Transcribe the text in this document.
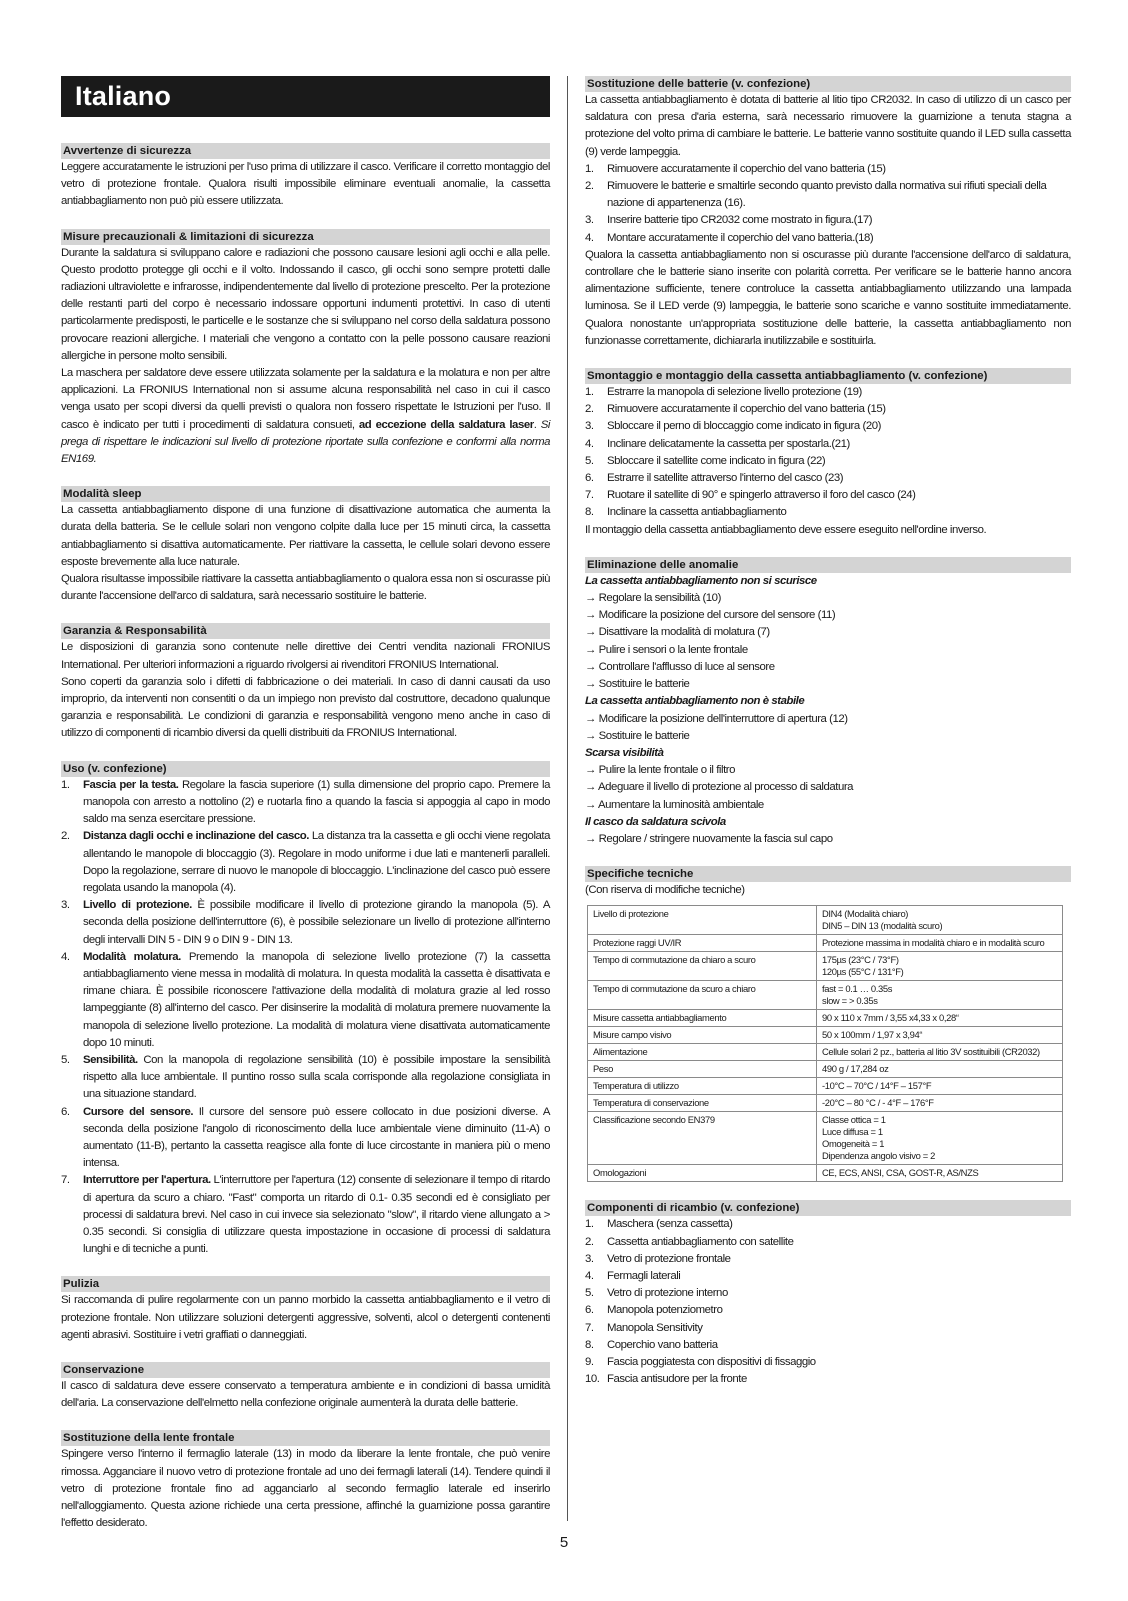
Italiano
Avvertenze di sicurezza

Leggere accuratamente le istruzioni per l'uso prima di utilizzare il casco. Verificare il corretto montaggio del vetro di protezione frontale. Qualora risulti impossibile eliminare eventuali anomalie, la cassetta antiabbagliamento non può più essere utilizzata.

Misure precauzionali & limitazioni di sicurezza

Durante la saldatura si sviluppano calore e radiazioni che possono causare lesioni agli occhi e alla pelle. Questo prodotto protegge gli occhi e il volto. Indossando il casco, gli occhi sono sempre protetti dalle radiazioni ultraviolette e infrarosse, indipendentemente dal livello di protezione prescelto. Per la protezione delle restanti parti del corpo è necessario indossare opportuni indumenti protettivi. In caso di utenti particolarmente predisposti, le particelle e le sostanze che si sviluppano nel corso della saldatura possono provocare reazioni allergiche. I materiali che vengono a contatto con la pelle possono causare reazioni allergiche in persone molto sensibili.

La maschera per saldatore deve essere utilizzata solamente per la saldatura e la molatura e non per altre applicazioni. La FRONIUS International non si assume alcuna responsabilità nel caso in cui il casco venga usato per scopi diversi da quelli previsti o qualora non fossero rispettate le Istruzioni per l'uso. Il casco è indicato per tutti i procedimenti di saldatura consueti, ad eccezione della saldatura laser. Si prega di rispettare le indicazioni sul livello di protezione riportate sulla confezione e conformi alla norma EN169.

Modalità sleep

La cassetta antiabbagliamento dispone di una funzione di disattivazione automatica che aumenta la durata della batteria. Se le cellule solari non vengono colpite dalla luce per 15 minuti circa, la cassetta antiabbagliamento si disattiva automaticamente. Per riattivare la cassetta, le cellule solari devono essere esposte brevemente alla luce naturale.

Qualora risultasse impossibile riattivare la cassetta antiabbagliamento o qualora essa non si oscurasse più durante l'accensione dell'arco di saldatura, sarà necessario sostituire le batterie.

Garanzia & Responsabilità

Le disposizioni di garanzia sono contenute nelle direttive dei Centri vendita nazionali FRONIUS International. Per ulteriori informazioni a riguardo rivolgersi ai rivenditori FRONIUS International.

Sono coperti da garanzia solo i difetti di fabbricazione o dei materiali. In caso di danni causati da uso improprio, da interventi non consentiti o da un impiego non previsto dal costruttore, decadono qualunque garanzia e responsabilità. Le condizioni di garanzia e responsabilità vengono meno anche in caso di utilizzo di componenti di ricambio diversi da quelli distribuiti da FRONIUS International.

Uso (v. confezione)
1. Fascia per la testa. Regolare la fascia superiore (1) sulla dimensione del proprio capo. Premere la manopola con arresto a nottolino (2) e ruotarla fino a quando la fascia si appoggia al capo in modo saldo ma senza esercitare pressione.
2. Distanza dagli occhi e inclinazione del casco. La distanza tra la cassetta e gli occhi viene regolata allentando le manopole di bloccaggio (3). Regolare in modo uniforme i due lati e mantenerli paralleli. Dopo la regolazione, serrare di nuovo le manopole di bloccaggio. L'inclinazione del casco può essere regolata usando la manopola (4).
3. Livello di protezione. È possibile modificare il livello di protezione girando la manopola (5). A seconda della posizione dell'interruttore (6), è possibile selezionare un livello di protezione all'interno degli intervalli DIN 5 - DIN 9 o DIN 9 - DIN 13.
4. Modalità molatura. Premendo la manopola di selezione livello protezione (7) la cassetta antiabbagliamento viene messa in modalità di molatura. In questa modalità la cassetta è disattivata e rimane chiara. È possibile riconoscere l'attivazione della modalità di molatura grazie al led rosso lampeggiante (8) all'interno del casco. Per disinserire la modalità di molatura premere nuovamente la manopola di selezione livello protezione. La modalità di molatura viene disattivata automaticamente dopo 10 minuti.
5. Sensibilità. Con la manopola di regolazione sensibilità (10) è possibile impostare la sensibilità rispetto alla luce ambientale. Il puntino rosso sulla scala corrisponde alla regolazione consigliata in una situazione standard.
6. Cursore del sensore. Il cursore del sensore può essere collocato in due posizioni diverse. A seconda della posizione l'angolo di riconoscimento della luce ambientale viene diminuito (11-A) o aumentato (11-B), pertanto la cassetta reagisce alla fonte di luce circostante in maniera più o meno intensa.
7. Interruttore per l'apertura. L'interruttore per l'apertura (12) consente di selezionare il tempo di ritardo di apertura da scuro a chiaro. "Fast" comporta un ritardo di 0.1- 0.35 secondi ed è consigliato per processi di saldatura brevi. Nel caso in cui invece sia selezionato "slow", il ritardo viene allungato a > 0.35 secondi. Si consiglia di utilizzare questa impostazione in occasione di processi di saldatura lunghi e di tecniche a punti.
Pulizia

Si raccomanda di pulire regolarmente con un panno morbido la cassetta antiabbagliamento e il vetro di protezione frontale. Non utilizzare soluzioni detergenti aggressive, solventi, alcol o detergenti contenenti agenti abrasivi. Sostituire i vetri graffiati o danneggiati.

Conservazione

Il casco di saldatura deve essere conservato a temperatura ambiente e in condizioni di bassa umidità dell'aria. La conservazione dell'elmetto nella confezione originale aumenterà la durata delle batterie.

Sostituzione della lente frontale

Spingere verso l'interno il fermaglio laterale (13) in modo da liberare la lente frontale, che può venire rimossa. Agganciare il nuovo vetro di protezione frontale ad uno dei fermagli laterali (14). Tendere quindi il vetro di protezione frontale fino ad agganciarlo al secondo fermaglio laterale ed inserirlo nell'alloggiamento. Questa azione richiede una certa pressione, affinché la guarnizione possa garantire l'effetto desiderato.

Sostituzione delle batterie (v. confezione)

La cassetta antiabbagliamento è dotata di batterie al litio tipo CR2032. In caso di utilizzo di un casco per saldatura con presa d'aria esterna, sarà necessario rimuovere la guarnizione a tenuta stagna a protezione del volto prima di cambiare le batterie. Le batterie vanno sostituite quando il LED sulla cassetta (9) verde lampeggia.

1. Rimuovere accuratamente il coperchio del vano batteria (15)
2. Rimuovere le batterie e smaltirle secondo quanto previsto dalla normativa sui rifiuti speciali della nazione di appartenenza (16).
3. Inserire batterie tipo CR2032 come mostrato in figura.(17)
4. Montare accuratamente il coperchio del vano batteria.(18)

Qualora la cassetta antiabbagliamento non si oscurasse più durante l'accensione dell'arco di saldatura, controllare che le batterie siano inserite con polarità corretta. Per verificare se le batterie hanno ancora alimentazione sufficiente, tenere controluce la cassetta antiabbagliamento utilizzando una lampada luminosa. Se il LED verde (9) lampeggia, le batterie sono scariche e vanno sostituite immediatamente. Qualora nonostante un'appropriata sostituzione delle batterie, la cassetta antiabbagliamento non funzionasse correttamente, dichiararla inutilizzabile e sostituirla.

Smontaggio e montaggio della cassetta antiabbagliamento (v. confezione)
1. Estrarre la manopola di selezione livello protezione (19)
2. Rimuovere accuratamente il coperchio del vano batteria (15)
3. Sbloccare il perno di bloccaggio come indicato in figura (20)
4. Inclinare delicatamente la cassetta per spostarla.(21)
5. Sbloccare il satellite come indicato in figura (22)
6. Estrarre il satellite attraverso l'interno del casco (23)
7. Ruotare il satellite di 90° e spingerlo attraverso il foro del casco (24)
8. Inclinare la cassetta antiabbagliamento

Il montaggio della cassetta antiabbagliamento deve essere eseguito nell'ordine inverso.

Eliminazione delle anomalie
La cassetta antiabbagliamento non si scurisce
→ Regolare la sensibilità (10)
→ Modificare la posizione del cursore del sensore (11)
→ Disattivare la modalità di molatura (7)
→ Pulire i sensori o la lente frontale
→ Controllare l'afflusso di luce al sensore
→ Sostituire le batterie
La cassetta antiabbagliamento non è stabile
→ Modificare la posizione dell'interruttore di apertura (12)
→ Sostituire le batterie
Scarsa visibilità
→ Pulire la lente frontale o il filtro
→ Adeguare il livello di protezione al processo di saldatura
→ Aumentare la luminosità ambientale
Il casco da saldatura scivola
→ Regolare / stringere nuovamente la fascia sul capo
Specifiche tecniche

(Con riserva di modifiche tecniche)

Livello di protezione	DIN4 (Modalità chiaro)
DIN5 – DIN 13 (modalità scuro)

Protezione raggi UV/IR	Protezione massima in modalità chiaro e in modalità scuro

Tempo di commutazione da chiaro a scuro	175µs (23°C / 73°F)
120µs (55°C / 131°F)

Tempo di commutazione da scuro a chiaro	fast = 0.1 … 0.35s
slow = > 0.35s

Misure cassetta antiabbagliamento	90 x 110 x 7mm / 3,55 x4,33 x 0,28“

Misure campo visivo	50 x 100mm / 1,97 x 3,94“

Alimentazione	Cellule solari 2 pz., batteria al litio 3V sostituibili (CR2032)

Peso	490 g / 17,284 oz

Temperatura di utilizzo	-10°C – 70°C / 14°F – 157°F

Temperatura di conservazione	-20°C – 80 °C / - 4°F – 176°F

Classificazione secondo EN379	Classe ottica = 1
Luce diffusa = 1
Omogeneità = 1
Dipendenza angolo visivo = 2

Omologazioni	CE, ECS, ANSI, CSA, GOST-R, AS/NZS
Componenti di ricambio (v. confezione)
1. Maschera (senza cassetta)
2. Cassetta antiabbagliamento con satellite
3. Vetro di protezione frontale
4. Fermagli laterali
5. Vetro di protezione interno
6. Manopola potenziometro
7. Manopola Sensitivity
8. Coperchio vano batteria
9. Fascia poggiatesta con dispositivi di fissaggio
10. Fascia antisudore per la fronte
5
